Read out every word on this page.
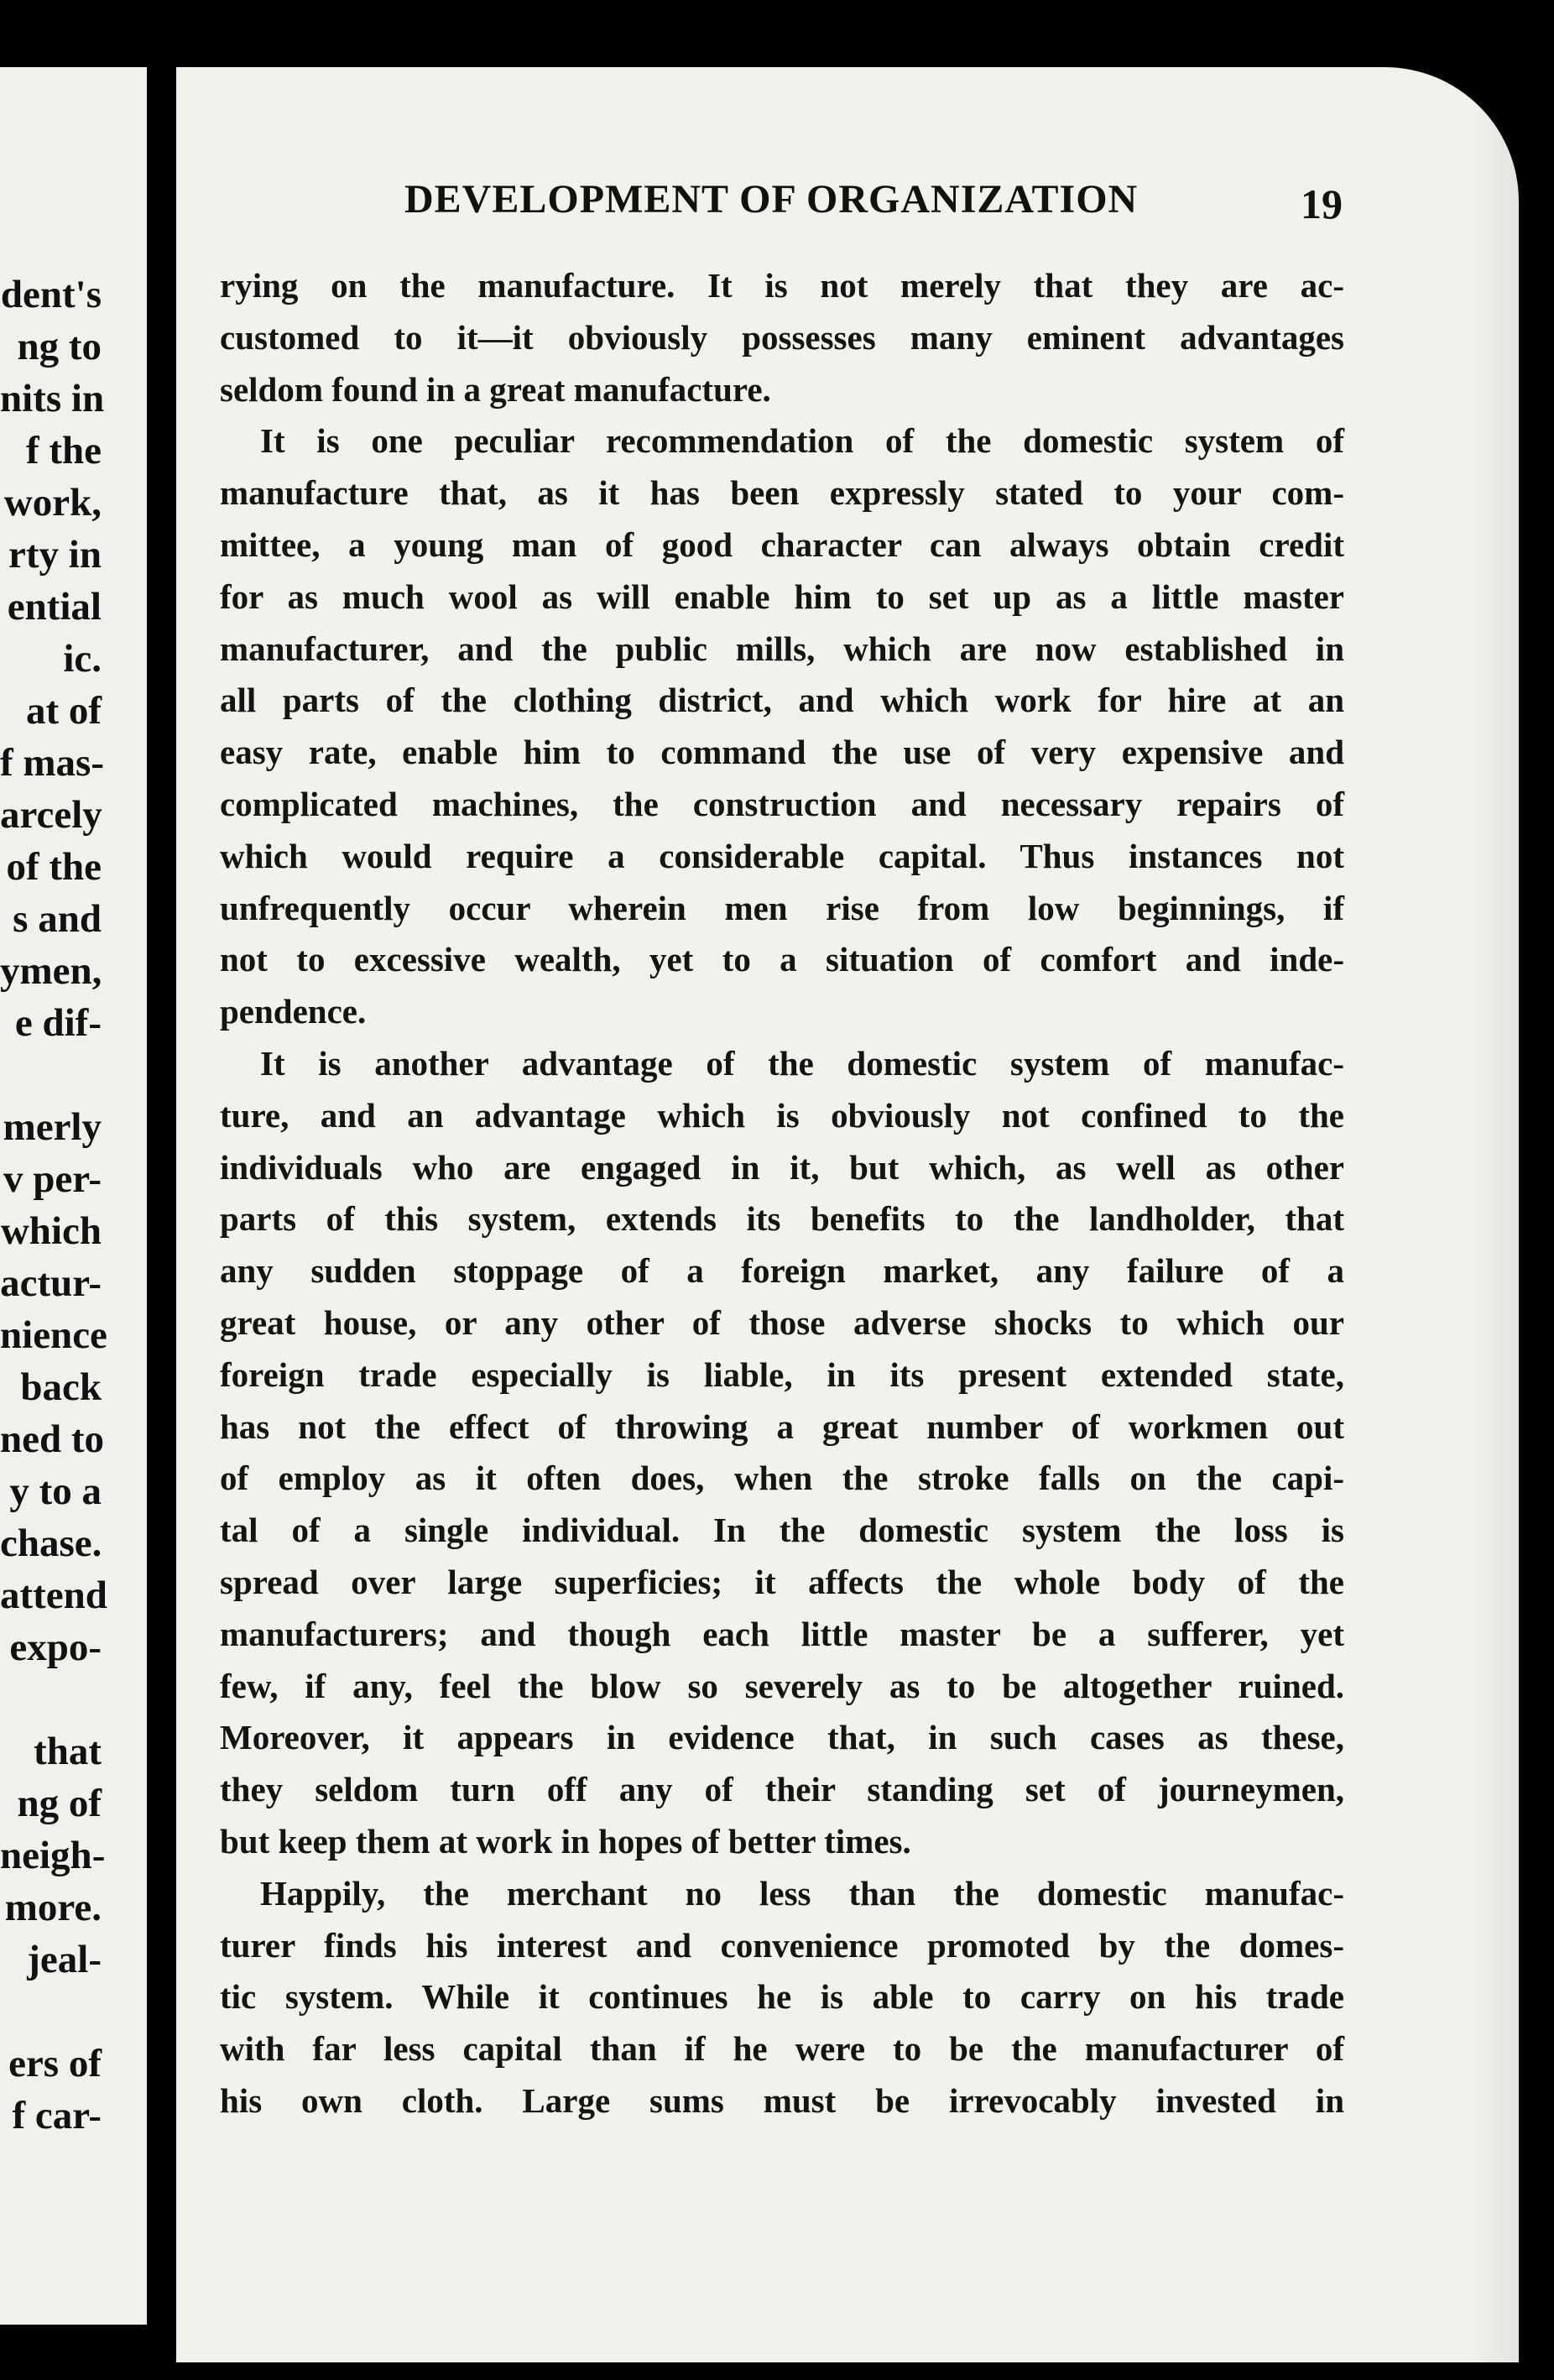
dent's
ng to
nits in
f the
work,
rty in
ential
ic.
at of
f mas-
arcely
of the
s and
ymen,
e dif-
merly
v per-
which
actur-
nience
back
ned to
y to a
chase.
attend
expo-
that
ng of
neigh-
more.
jeal-
ers of
f car-
DEVELOPMENT OF ORGANIZATION	19
rying on the manufacture. It is not merely that they are ac-
customed to it—it obviously possesses many eminent advantages
seldom found in a great manufacture.
It is one peculiar recommendation of the domestic system of
manufacture that, as it has been expressly stated to your com-
mittee, a young man of good character can always obtain credit
for as much wool as will enable him to set up as a little master
manufacturer, and the public mills, which are now established in
all parts of the clothing district, and which work for hire at an
easy rate, enable him to command the use of very expensive and
complicated machines, the construction and necessary repairs of
which would require a considerable capital. Thus instances not
unfrequently occur wherein men rise from low beginnings, if
not to excessive wealth, yet to a situation of comfort and inde-
pendence.
It is another advantage of the domestic system of manufac-
ture, and an advantage which is obviously not confined to the
individuals who are engaged in it, but which, as well as other
parts of this system, extends its benefits to the landholder, that
any sudden stoppage of a foreign market, any failure of a
great house, or any other of those adverse shocks to which our
foreign trade especially is liable, in its present extended state,
has not the effect of throwing a great number of workmen out
of employ as it often does, when the stroke falls on the capi-
tal of a single individual. In the domestic system the loss is
spread over large superficies; it affects the whole body of the
manufacturers; and though each little master be a sufferer, yet
few, if any, feel the blow so severely as to be altogether ruined.
Moreover, it appears in evidence that, in such cases as these,
they seldom turn off any of their standing set of journeymen,
but keep them at work in hopes of better times.
Happily, the merchant no less than the domestic manufac-
turer finds his interest and convenience promoted by the domes-
tic system. While it continues he is able to carry on his trade
with far less capital than if he were to be the manufacturer of
his own cloth. Large sums must be irrevocably invested in
